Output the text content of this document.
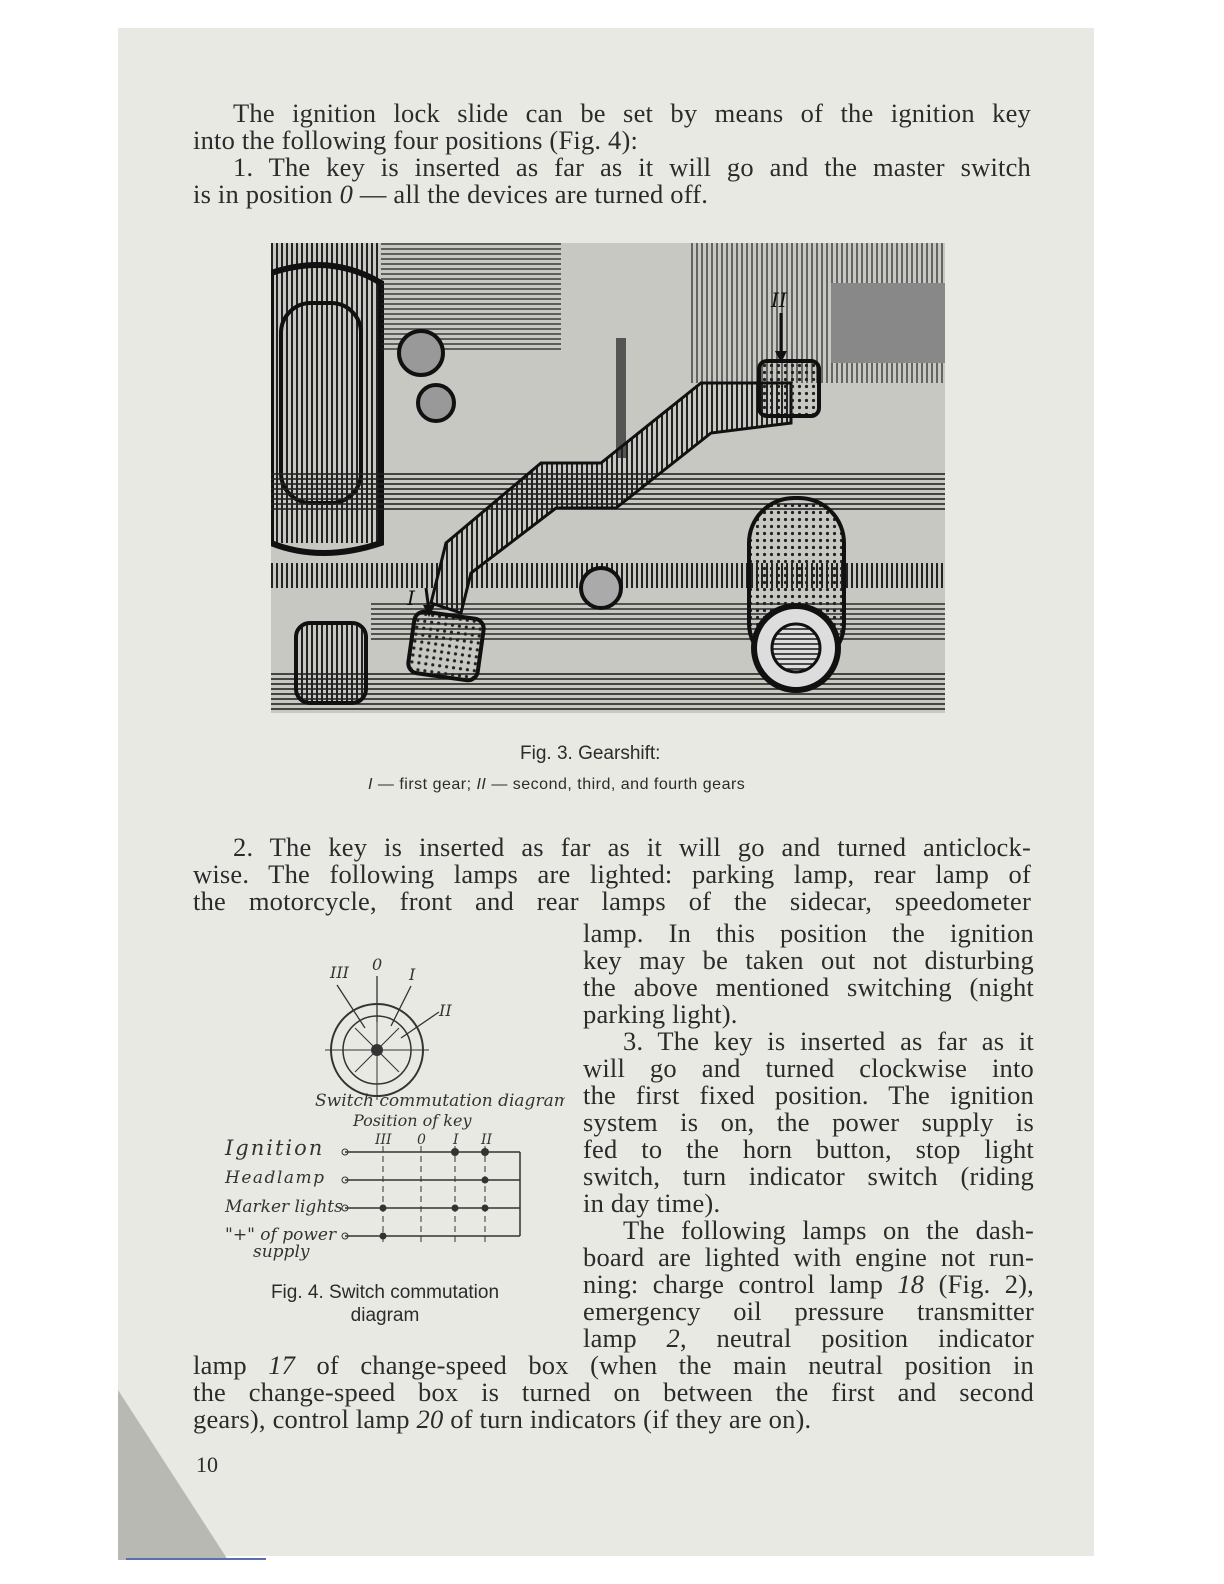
The ignition lock slide can be set by means of the ignition key
into the following four positions (Fig. 4):
1. The key is inserted as far as it will go and the master switch
is in position 0 — all the devices are turned off.
II
I
Fig. 3. Gearshift:
I — first gear; II — second, third, and fourth gears
2. The key is inserted as far as it will go and turned anticlock-
wise. The following lamps are lighted: parking lamp, rear lamp of
the motorcycle, front and rear lamps of the sidecar, speedometer
lamp. In this position the ignition
key may be taken out not disturbing
the above mentioned switching (night
parking light).
3. The key is inserted as far as it
will go and turned clockwise into
the first fixed position. The ignition
system is on, the power supply is
fed to the horn button, stop light
switch, turn indicator switch (riding
in day time).
The following lamps on the dash-
board are lighted with engine not run-
ning: charge control lamp 18 (Fig. 2),
emergency oil pressure transmitter
lamp 2, neutral position indicator
lamp 17 of change-speed box (when the main neutral position in
the change-speed box is turned on between the first and second
gears), control lamp 20 of turn indicators (if they are on).
III 0
I
II
Switch commutation diagram
Position of key
III 0 I II
Ignition
Headlamp
Marker lights
"+" of power
supply
Fig. 4. Switch commutation
diagram
10
